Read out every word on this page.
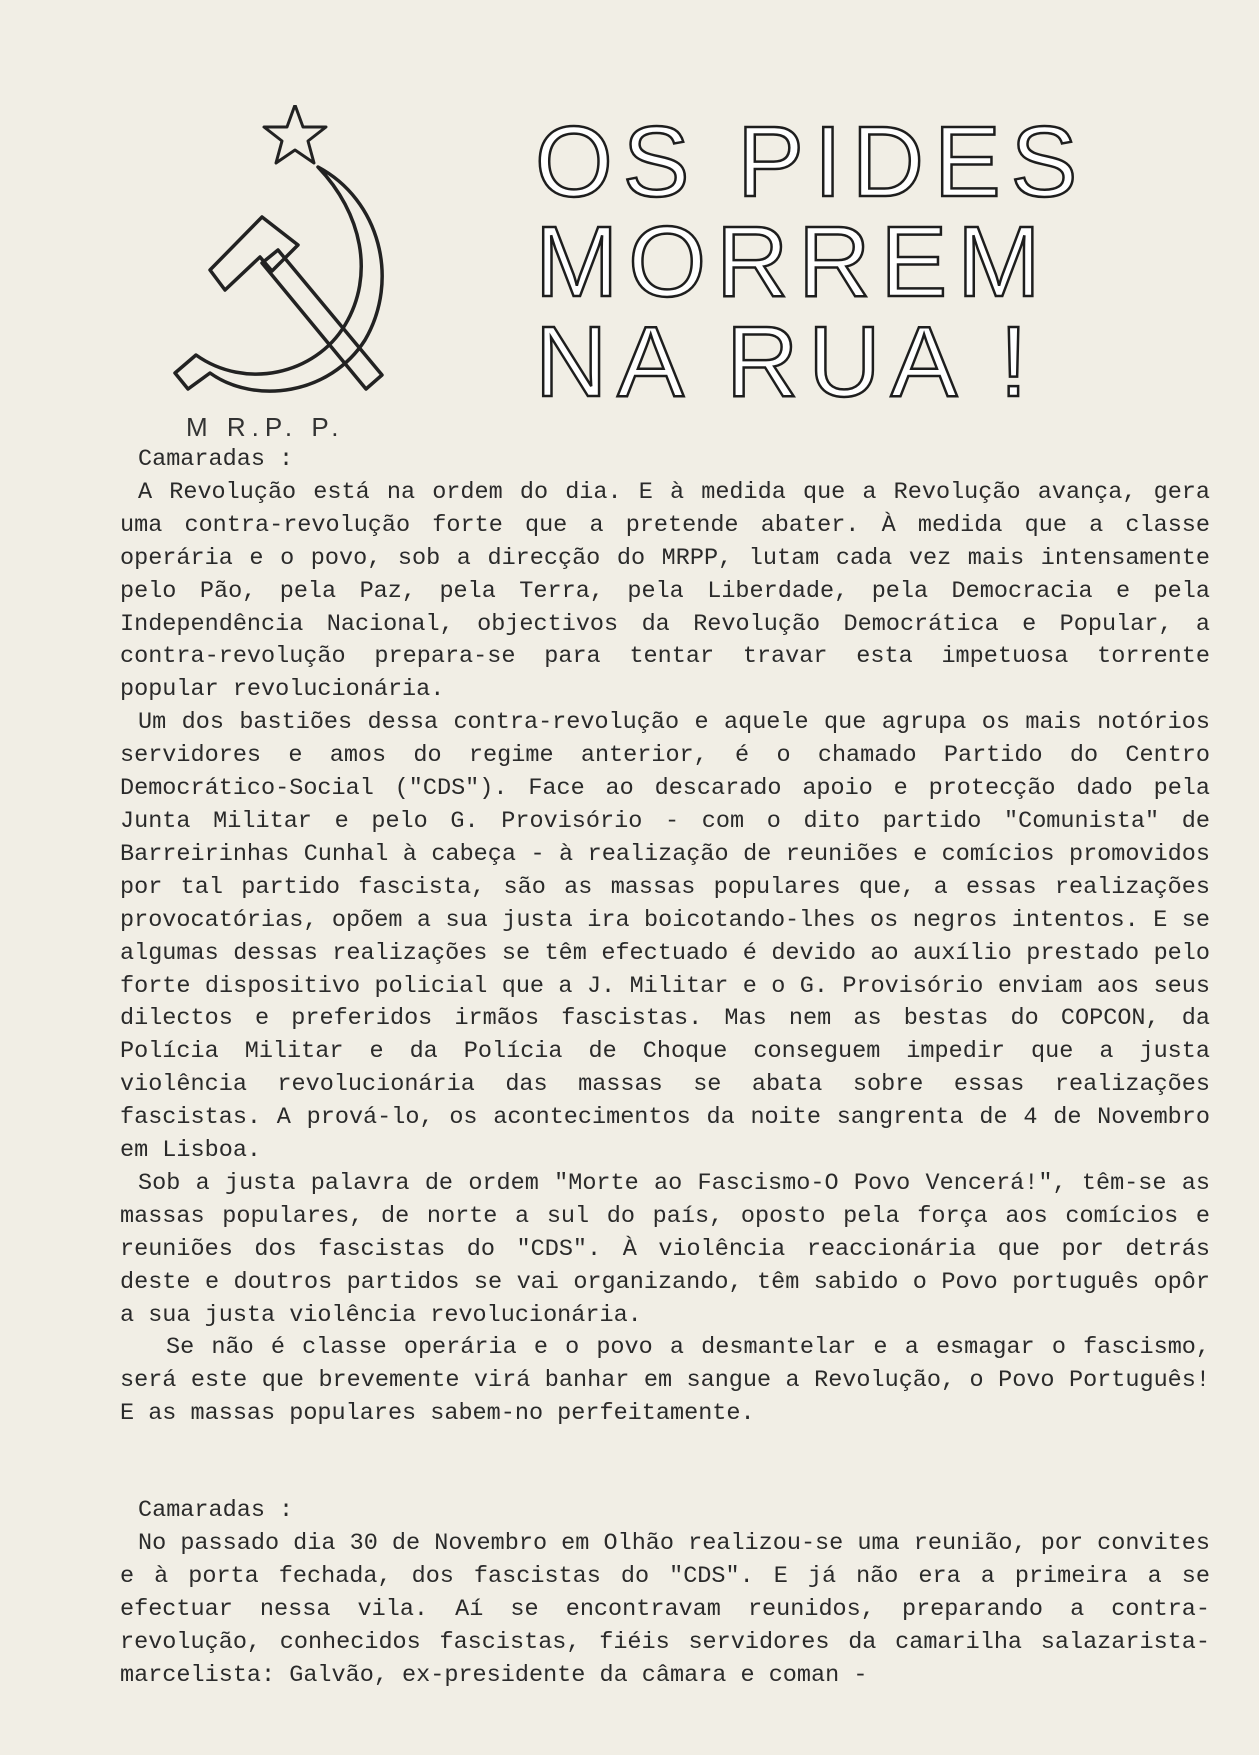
M R.P. P.
OS PIDES
MORREM
NA RUA !

Camaradas :

A Revolução está na ordem do dia. E à medida que a Revolução avança, gera uma contra-revolução forte que a pretende abater. À medida que a classe operária e o povo, sob a direcção do MRPP, lutam cada vez mais intensamente pelo Pão, pela Paz, pela Terra, pela Liberdade, pela Democracia e pela Independência Nacional, objectivos da Revolução Democrática e Popular, a contra-revolução prepara-se para tentar travar esta impetuosa torrente popular revolucionária.

Um dos bastiões dessa contra-revolução e aquele que agrupa os mais notórios servidores e amos do regime anterior, é o chamado Partido do Centro Democrático-Social ("CDS"). Face ao descarado apoio e protecção dado pela Junta Militar e pelo G. Provisório - com o dito partido "Comunista" de Barreirinhas Cunhal à cabeça - à realização de reuniões e comícios promovidos por tal partido fascista, são as massas populares que, a essas realizações provocatórias, opõem a sua justa ira boicotando-lhes os negros intentos. E se algumas dessas realizações se têm efectuado é devido ao auxílio prestado pelo forte dispositivo policial que a J. Militar e o G. Provisório enviam aos seus dilectos e preferidos irmãos fascistas. Mas nem as bestas do COPCON, da Polícia Militar e da Polícia de Choque conseguem impedir que a justa violência revolucionária das massas se abata sobre essas realizações fascistas. A prová-lo, os acontecimentos da noite sangrenta de 4 de Novembro em Lisboa.

Sob a justa palavra de ordem "Morte ao Fascismo-O Povo Vencerá!", têm-se as massas populares, de norte a sul do país, oposto pela força aos comícios e reuniões dos fascistas do "CDS". À violência reaccionária que por detrás deste e doutros partidos se vai organizando, têm sabido o Povo português opôr a sua justa violência revolucionária.

Se não é classe operária e o povo a desmantelar e a esmagar o fascismo, será este que brevemente virá banhar em sangue a Revolução, o Povo Português! E as massas populares sabem-no perfeitamente.

Camaradas :

No passado dia 30 de Novembro em Olhão realizou-se uma reunião, por convites e à porta fechada, dos fascistas do "CDS". E já não era a primeira a se efectuar nessa vila. Aí se encontravam reunidos, preparando a contra-revolução, conhecidos fascistas, fiéis servidores da camarilha salazarista-marcelista: Galvão, ex-presidente da câmara e coman -
